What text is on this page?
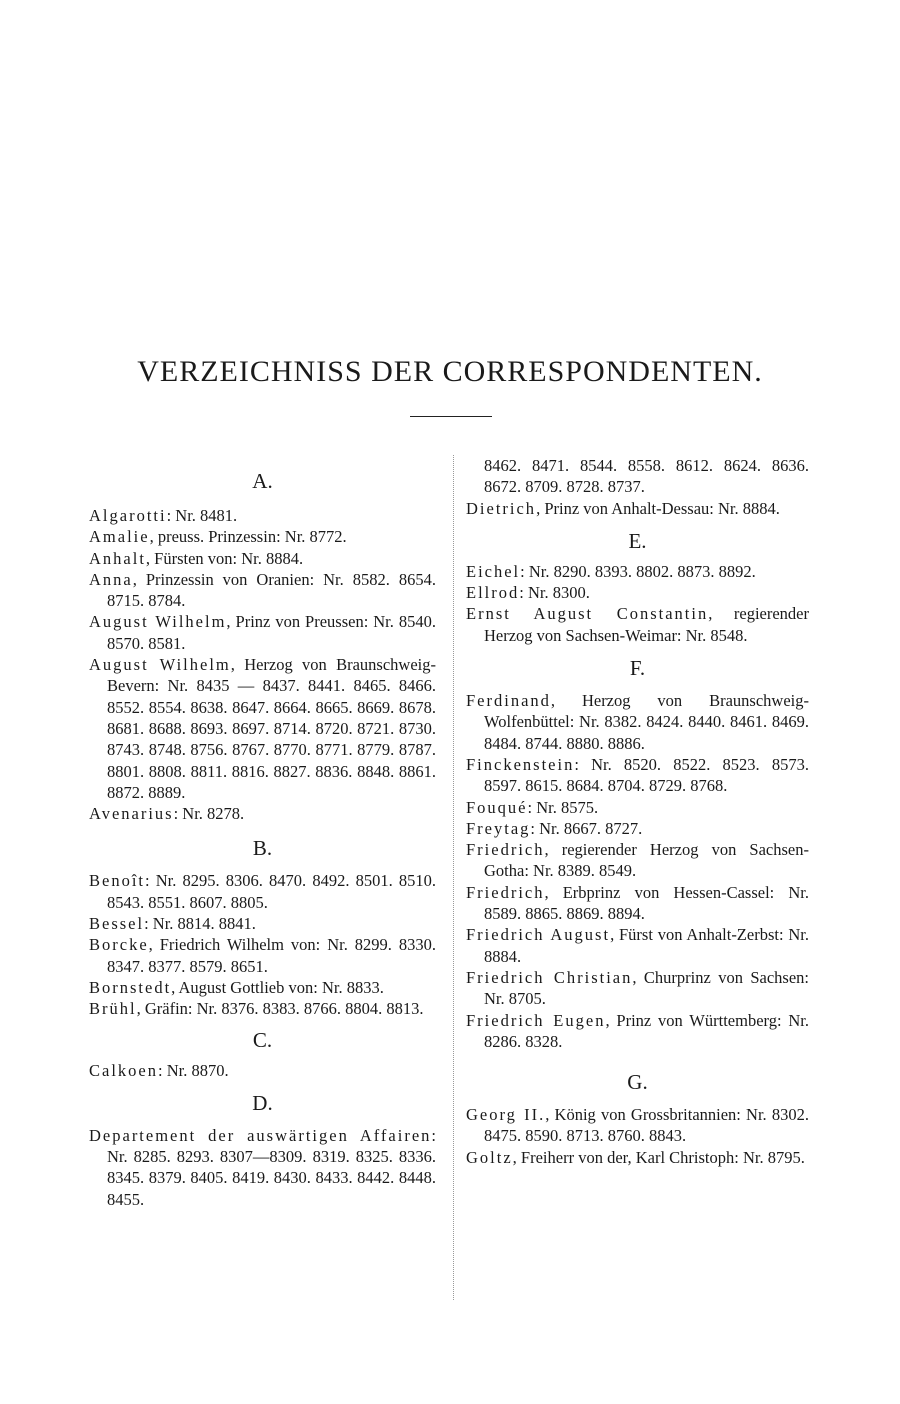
VERZEICHNISS DER CORRESPONDENTEN.
A.
Algarotti: Nr. 8481.
Amalie, preuss. Prinzessin: Nr. 8772.
Anhalt, Fürsten von: Nr. 8884.
Anna, Prinzessin von Oranien: Nr. 8582. 8654. 8715. 8784.
August Wilhelm, Prinz von Preussen: Nr. 8540. 8570. 8581.
August Wilhelm, Herzog von Braunschweig-Bevern: Nr. 8435 — 8437. 8441. 8465. 8466. 8552. 8554. 8638. 8647. 8664. 8665. 8669. 8678. 8681. 8688. 8693. 8697. 8714. 8720. 8721. 8730. 8743. 8748. 8756. 8767. 8770. 8771. 8779. 8787. 8801. 8808. 8811. 8816. 8827. 8836. 8848. 8861. 8872. 8889.
Avenarius: Nr. 8278.
B.
Benoît: Nr. 8295. 8306. 8470. 8492. 8501. 8510. 8543. 8551. 8607. 8805.
Bessel: Nr. 8814. 8841.
Borcke, Friedrich Wilhelm von: Nr. 8299. 8330. 8347. 8377. 8579. 8651.
Bornstedt, August Gottlieb von: Nr. 8833.
Brühl, Gräfin: Nr. 8376. 8383. 8766. 8804. 8813.
C.
Calkoen: Nr. 8870.
D.
Departement der auswärtigen Affairen: Nr. 8285. 8293. 8307—8309. 8319. 8325. 8336. 8345. 8379. 8405. 8419. 8430. 8433. 8442. 8448. 8455.
8462. 8471. 8544. 8558. 8612. 8624. 8636. 8672. 8709. 8728. 8737.
Dietrich, Prinz von Anhalt-Dessau: Nr. 8884.
E.
Eichel: Nr. 8290. 8393. 8802. 8873. 8892.
Ellrod: Nr. 8300.
Ernst August Constantin, regierender Herzog von Sachsen-Weimar: Nr. 8548.
F.
Ferdinand, Herzog von Braunschweig-Wolfenbüttel: Nr. 8382. 8424. 8440. 8461. 8469. 8484. 8744. 8880. 8886.
Finckenstein: Nr. 8520. 8522. 8523. 8573. 8597. 8615. 8684. 8704. 8729. 8768.
Fouqué: Nr. 8575.
Freytag: Nr. 8667. 8727.
Friedrich, regierender Herzog von Sachsen-Gotha: Nr. 8389. 8549.
Friedrich, Erbprinz von Hessen-Cassel: Nr. 8589. 8865. 8869. 8894.
Friedrich August, Fürst von Anhalt-Zerbst: Nr. 8884.
Friedrich Christian, Churprinz von Sachsen: Nr. 8705.
Friedrich Eugen, Prinz von Württemberg: Nr. 8286. 8328.
G.
Georg II., König von Grossbritannien: Nr. 8302. 8475. 8590. 8713. 8760. 8843.
Goltz, Freiherr von der, Karl Christoph: Nr. 8795.
